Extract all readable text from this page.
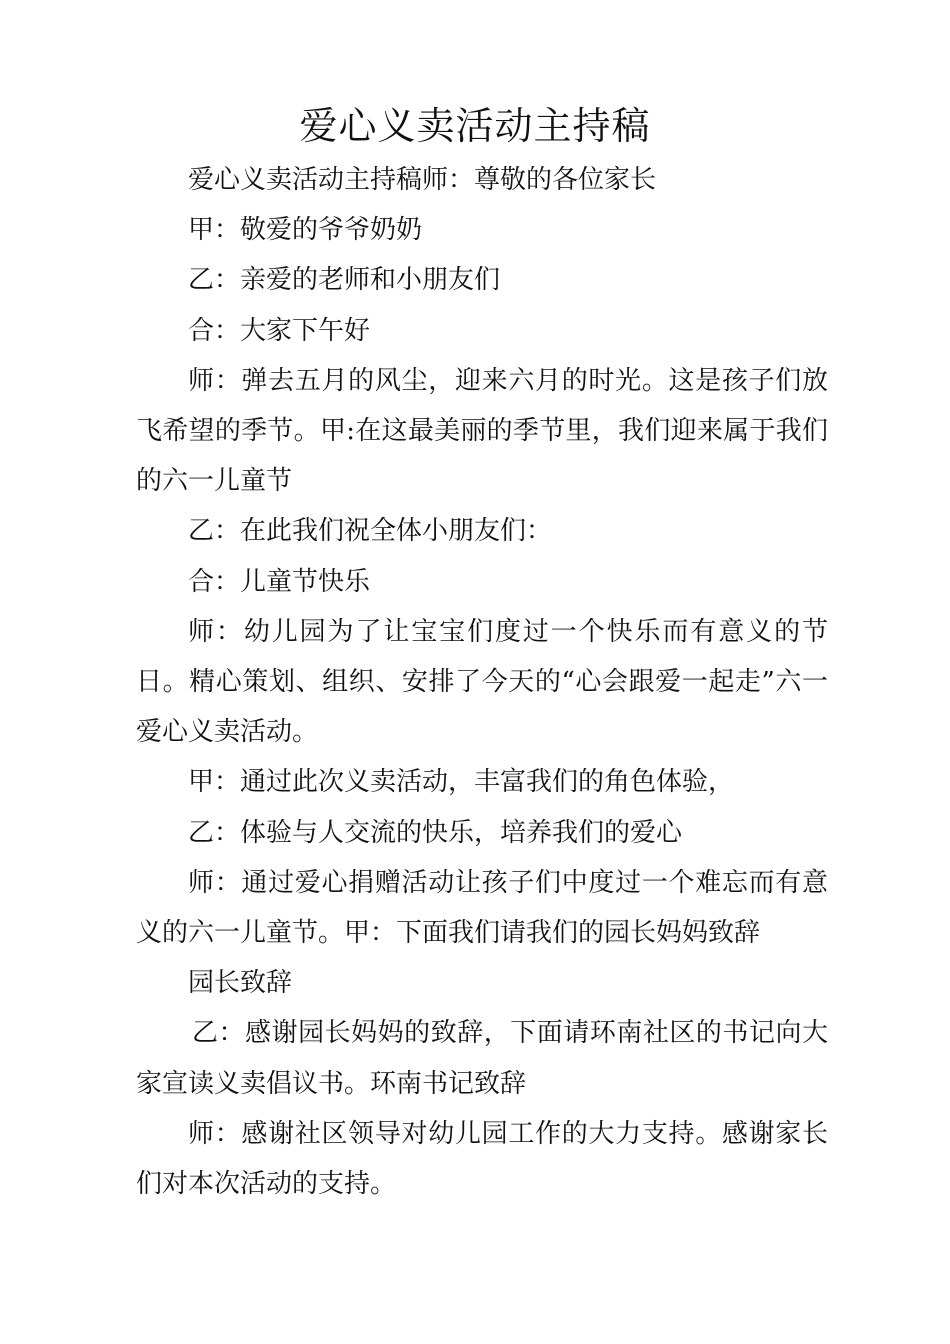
爱心义卖活动主持稿

爱心义卖活动主持稿师：尊敬的各位家长

甲：敬爱的爷爷奶奶

乙：亲爱的老师和小朋友们

合：大家下午好

师：弹去五月的风尘，迎来六月的时光。这是孩子们放飞希望的季节。甲:在这最美丽的季节里，我们迎来属于我们的六一儿童节

乙：在此我们祝全体小朋友们：

合：儿童节快乐

师：幼儿园为了让宝宝们度过一个快乐而有意义的节日。精心策划、组织、安排了今天的“心会跟爱一起走”六一爱心义卖活动。

甲：通过此次义卖活动，丰富我们的角色体验，

乙：体验与人交流的快乐，培养我们的爱心

师：通过爱心捐赠活动让孩子们中度过一个难忘而有意义的六一儿童节。甲：下面我们请我们的园长妈妈致辞

园长致辞

乙：感谢园长妈妈的致辞，下面请环南社区的书记向大家宣读义卖倡议书。环南书记致辞

师：感谢社区领导对幼儿园工作的大力支持。感谢家长们对本次活动的支持。
